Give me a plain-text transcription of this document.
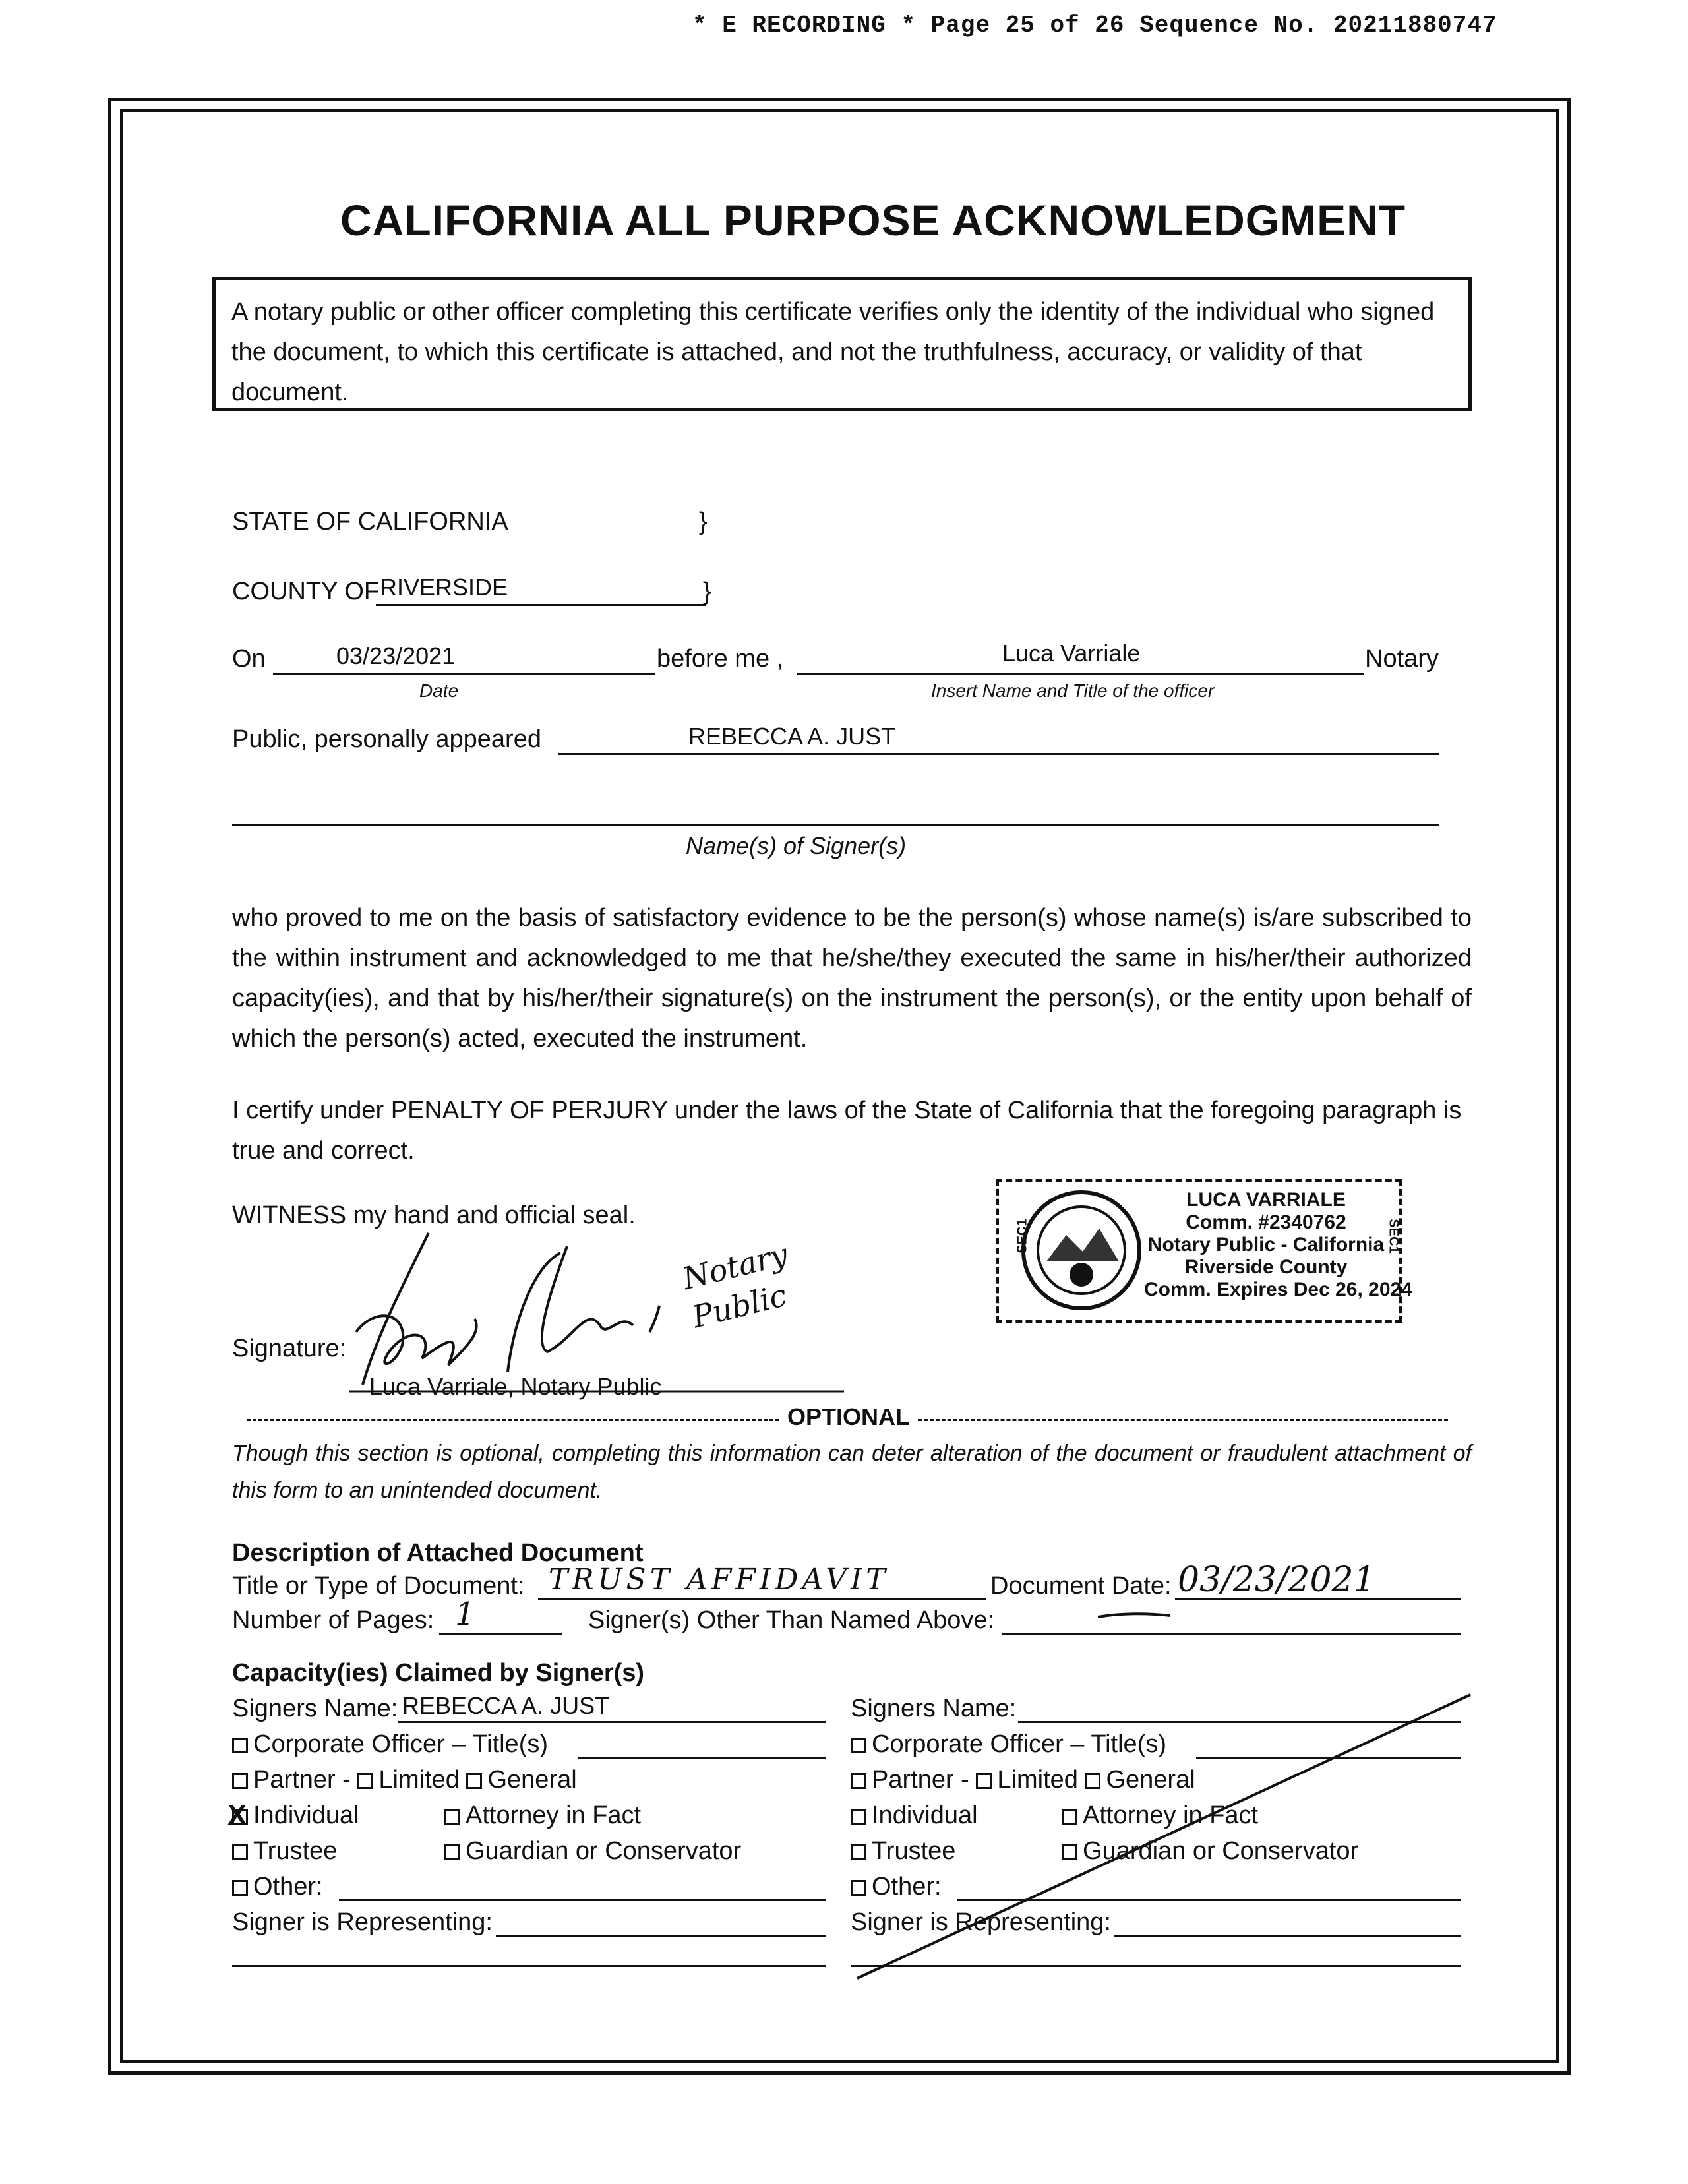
* E RECORDING * Page 25 of 26 Sequence No. 20211880747
CALIFORNIA ALL PURPOSE ACKNOWLEDGMENT
A notary public or other officer completing this certificate verifies only the identity of the individual who signed the document, to which this certificate is attached, and not the truthfulness, accuracy, or validity of that document.
STATE OF CALIFORNIA	}
COUNTY OF RIVERSIDE	}
On	03/23/2021
Date
before me ,	Luca Varriale
Insert Name and Title of the officer
Notary
Public, personally appeared	REBECCA A. JUST
Name(s) of Signer(s)
who proved to me on the basis of satisfactory evidence to be the person(s) whose name(s) is/are subscribed to the within instrument and acknowledged to me that he/she/they executed the same in his/her/their authorized capacity(ies), and that by his/her/their signature(s) on the instrument the person(s), or the entity upon behalf of which the person(s) acted, executed the instrument.
I certify under PENALTY OF PERJURY under the laws of the State of California that the foregoing paragraph is true and correct.
WITNESS my hand and official seal.
Signature:
Notary Public
Luca Varriale, Notary Public
SEC1
LUCA VARRIALE
Comm. #2340762
Notary Public - California
Riverside County
Comm. Expires Dec 26, 2024
SEC1
OPTIONAL
Though this section is optional, completing this information can deter alteration of the document or fraudulent attachment of this form to an unintended document.
Description of Attached Document
Title or Type of Document: TRUST AFFIDAVIT	Document Date: 03/23/2021
Number of Pages: 1	Signer(s) Other Than Named Above:
Capacity(ies) Claimed by Signer(s)
Signers Name: REBECCA A. JUST
Corporate Officer – Title(s)
Partner - Limited General
X Individual	Attorney in Fact
Trustee	Guardian or Conservator
Other:
Signer is Representing:
Signers Name:
Corporate Officer – Title(s)
Partner - Limited General
Individual	Attorney in Fact
Trustee	Guardian or Conservator
Other:
Signer is Representing:
